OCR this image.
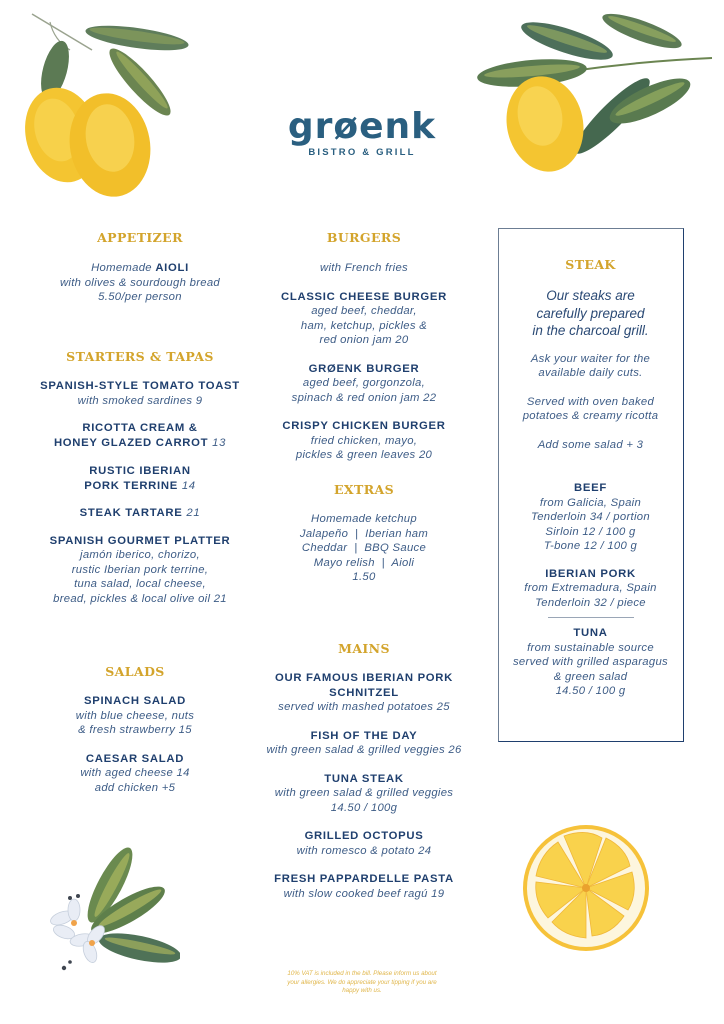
grøenk
BISTRO & GRILL
APPETIZER
Homemade AIOLI
with olives & sourdough bread
5.50/per person
STARTERS & TAPAS
SPANISH-STYLE TOMATO TOAST
with smoked sardines 9
RICOTTA CREAM &
HONEY GLAZED CARROT 13
RUSTIC IBERIAN
PORK TERRINE 14
STEAK TARTARE 21
SPANISH GOURMET PLATTER
jamón iberico, chorizo,
rustic Iberian pork terrine,
tuna salad, local cheese,
bread, pickles & local olive oil 21
SALADS
SPINACH SALAD
with blue cheese, nuts
& fresh strawberry 15
CAESAR SALAD
with aged cheese 14
add chicken +5
BURGERS
with French fries
CLASSIC CHEESE BURGER
aged beef, cheddar,
ham, ketchup, pickles &
red onion jam 20
GRØENK BURGER
aged beef, gorgonzola,
spinach & red onion jam 22
CRISPY CHICKEN BURGER
fried chicken, mayo,
pickles & green leaves 20
EXTRAS
Homemade ketchup
Jalapeño  |  Iberian ham
Cheddar  |  BBQ Sauce
Mayo relish  |  Aioli
1.50
MAINS
OUR FAMOUS IBERIAN PORK
SCHNITZEL
served with mashed potatoes 25
FISH OF THE DAY
with green salad & grilled veggies 26
TUNA STEAK
with green salad & grilled veggies
14.50 / 100g
GRILLED OCTOPUS
with romesco & potato 24
FRESH PAPPARDELLE PASTA
with slow cooked beef ragú 19
STEAK
Our steaks are
carefully prepared
in the charcoal grill.
Ask your waiter for the
available daily cuts.
Served with oven baked
potatoes & creamy ricotta
Add some salad + 3
BEEF
from Galicia, Spain
Tenderloin 34 / portion
Sirloin 12 / 100 g
T-bone 12 / 100 g
IBERIAN PORK
from Extremadura, Spain
Tenderloin 32 / piece
TUNA
from sustainable source
served with grilled asparagus
& green salad
14.50 / 100 g
10% VAT is included in the bill. Please inform us about
your allergies. We do appreciate your tipping if you are
happy with us.
